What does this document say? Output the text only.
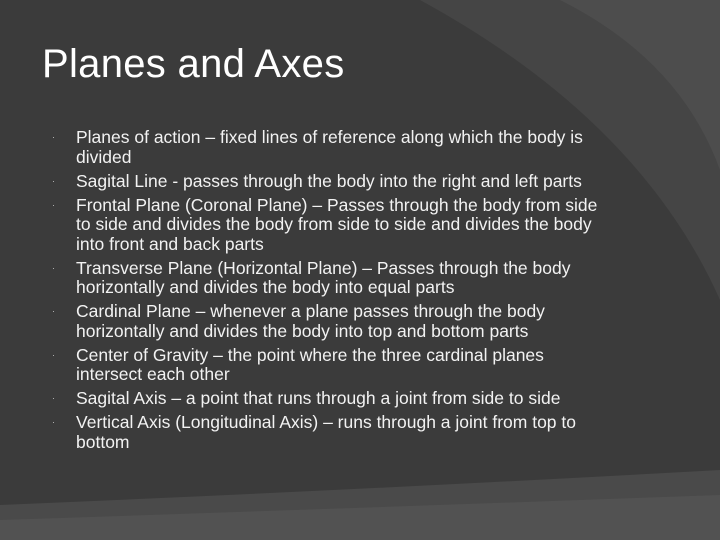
Planes and Axes
· Planes of action – fixed lines of reference along which the body is divided
· Sagital Line - passes through the body into the right and left parts
· Frontal Plane (Coronal Plane) – Passes through the body from side to side and divides the body from side to side and divides the body into front and back parts
· Transverse Plane (Horizontal Plane) – Passes through the body horizontally and divides the body into equal parts
· Cardinal Plane – whenever a plane passes through the body horizontally and divides the body into top and bottom parts
· Center of Gravity – the point where the three cardinal planes intersect each other
· Sagital Axis – a point that runs through a joint from side to side
· Vertical Axis (Longitudinal Axis) – runs through a joint from top to bottom
